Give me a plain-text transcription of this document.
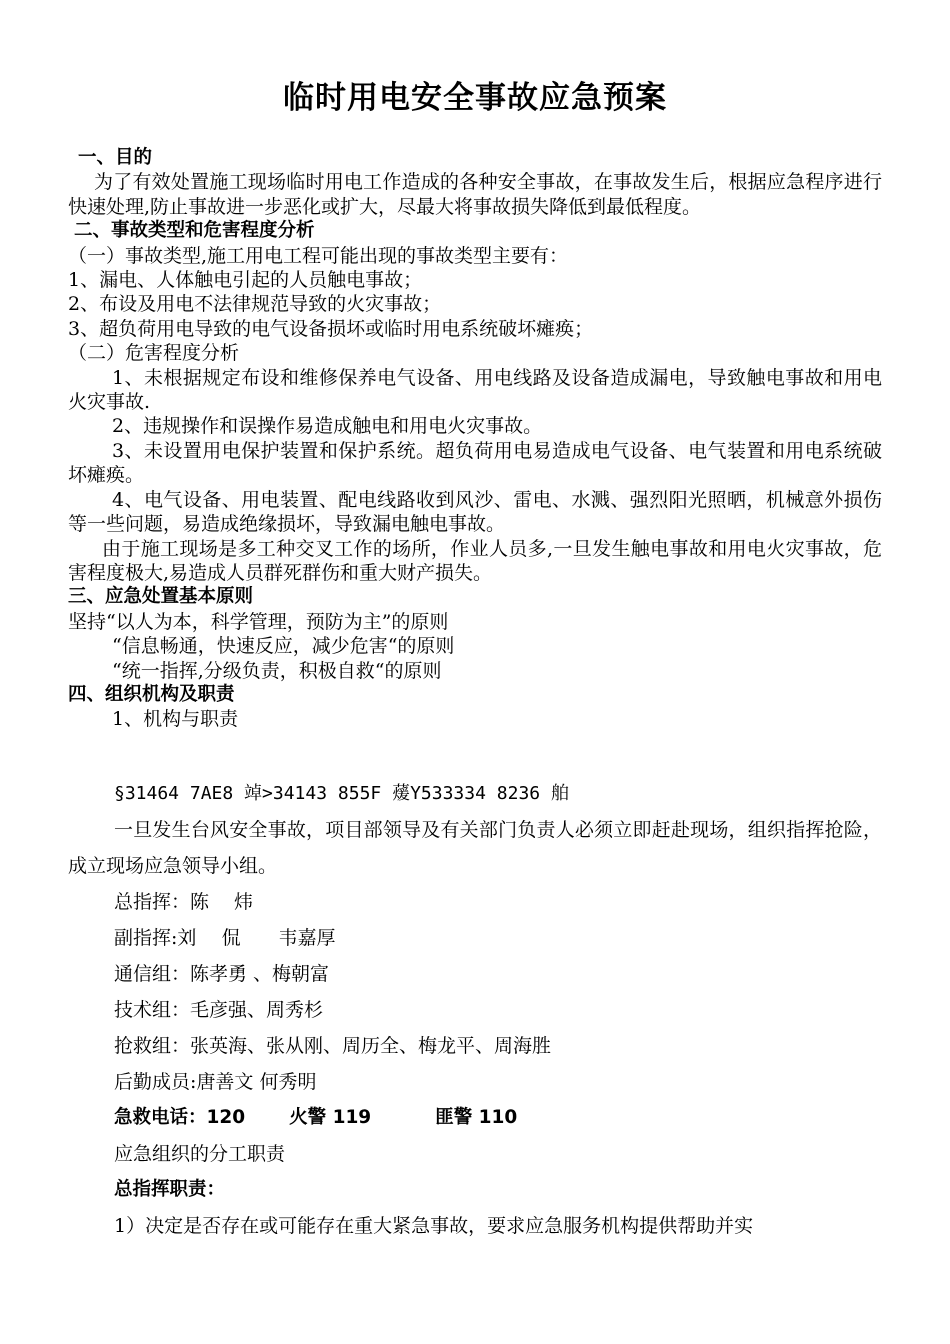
临时用电安全事故应急预案
一、目的
为了有效处置施工现场临时用电工作造成的各种安全事故，在事故发生后，根据应急程序进行快速处理,防止事故进一步恶化或扩大，尽最大将事故损失降低到最低程度。
二、事故类型和危害程度分析
（一）事故类型,施工用电工程可能出现的事故类型主要有：
1、漏电、人体触电引起的人员触电事故；
2、布设及用电不法律规范导致的火灾事故；
3、超负荷用电导致的电气设备损坏或临时用电系统破坏瘫痪；
（二）危害程度分析
1、未根据规定布设和维修保养电气设备、用电线路及设备造成漏电，导致触电事故和用电火灾事故.
2、违规操作和误操作易造成触电和用电火灾事故。
3、未设置用电保护装置和保护系统。超负荷用电易造成电气设备、电气装置和用电系统破坏瘫痪。
4、电气设备、用电装置、配电线路收到风沙、雷电、水溅、强烈阳光照晒，机械意外损伤等一些问题，易造成绝缘损坏，导致漏电触电事故。
由于施工现场是多工种交叉工作的场所，作业人员多,一旦发生触电事故和用电火灾事故，危害程度极大,易造成人员群死群伤和重大财产损失。
三、应急处置基本原则
坚持“以人为本，科学管理，预防为主”的原则
“信息畅通，快速反应，减少危害“的原则
“统一指挥,分级负责，积极自救“的原则
四、组织机构及职责
1、机构与职责
§31464 7AE8 竨>34143 855F 蕿Y533334 8236 舶
一旦发生台风安全事故，项目部领导及有关部门负责人必须立即赶赴现场，组织指挥抢险，成立现场应急领导小组。
总指挥：陈　 炜
副指挥:刘　 侃　　韦嘉厚
通信组：陈孝勇 、梅朝富
技术组：毛彦强、周秀杉
抢救组：张英海、张从刚、周历全、梅龙平、周海胜
后勤成员:唐善文 何秀明
急救电话：120 火警 119	匪警 110
应急组织的分工职责
总指挥职责：
1）决定是否存在或可能存在重大紧急事故，要求应急服务机构提供帮助并实
